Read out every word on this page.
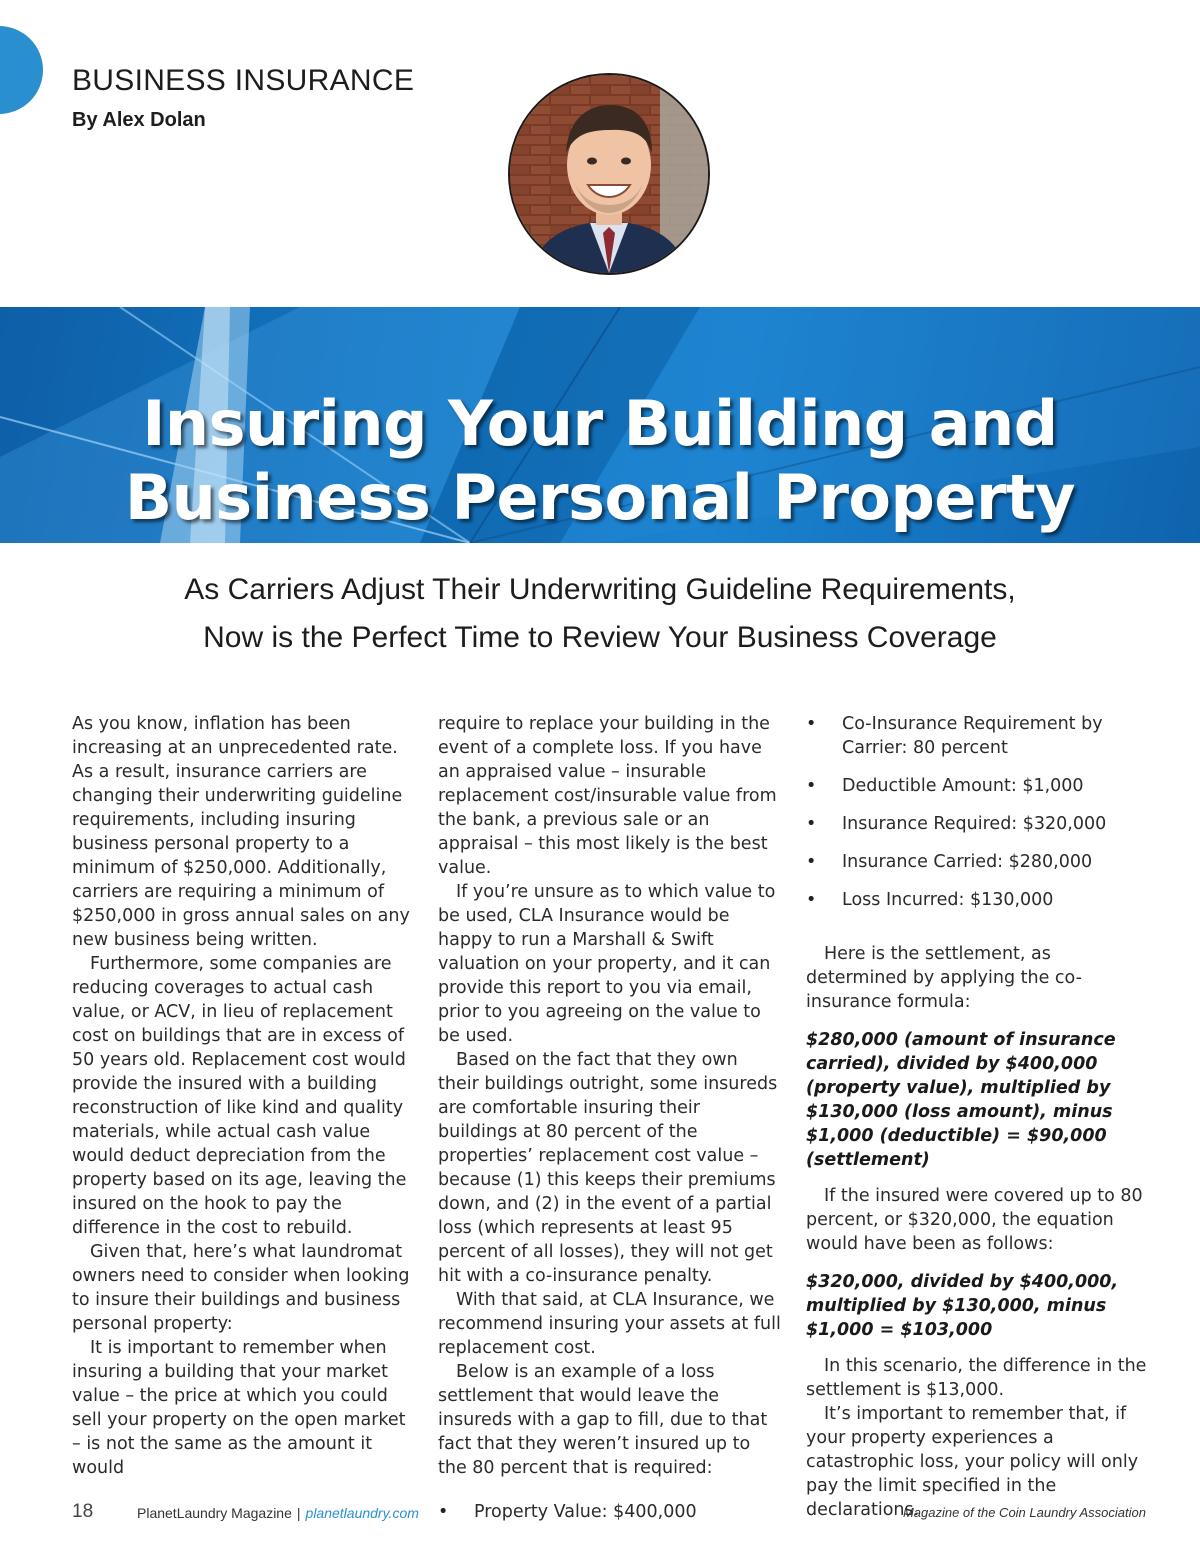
BUSINESS INSURANCE
By Alex Dolan
Insuring Your Building and
Business Personal Property
As Carriers Adjust Their Underwriting Guideline Requirements,
Now is the Perfect Time to Review Your Business Coverage

As you know, inflation has been increasing at an unprecedented rate. As a result, insurance carriers are changing their underwriting guideline requirements, including insuring business personal property to a minimum of $250,000. Additionally, carriers are requiring a minimum of $250,000 in gross annual sales on any new business being written.

Furthermore, some companies are reducing coverages to actual cash value, or ACV, in lieu of replacement cost on buildings that are in excess of 50 years old. Replacement cost would provide the insured with a building reconstruction of like kind and quality materials, while actual cash value would deduct depreciation from the property based on its age, leaving the insured on the hook to pay the difference in the cost to rebuild.

Given that, here’s what laundromat owners need to consider when looking to insure their buildings and business personal property:

It is important to remember when insuring a building that your market value – the price at which you could sell your property on the open market – is not the same as the amount it would

require to replace your building in the event of a complete loss. If you have an appraised value – insurable replacement cost/insurable value from the bank, a previous sale or an appraisal – this most likely is the best value.

If you’re unsure as to which value to be used, CLA Insurance would be happy to run a Marshall & Swift valuation on your property, and it can provide this report to you via email, prior to you agreeing on the value to be used.

Based on the fact that they own their buildings outright, some insureds are comfortable insuring their buildings at 80 percent of the properties’ replacement cost value – because (1) this keeps their premiums down, and (2) in the event of a partial loss (which represents at least 95 percent of all losses), they will not get hit with a co-insurance penalty.

With that said, at CLA Insurance, we recommend insuring your assets at full replacement cost.

Below is an example of a loss settlement that would leave the insureds with a gap to fill, due to that fact that they weren’t insured up to the 80 percent that is required:

• Property Value: $400,000
• Co-Insurance Requirement by Carrier: 80 percent
• Deductible Amount: $1,000
• Insurance Required: $320,000
• Insurance Carried: $280,000
• Loss Incurred: $130,000

Here is the settlement, as determined by applying the co-insurance formula:

$280,000 (amount of insurance carried), divided by $400,000 (property value), multiplied by $130,000 (loss amount), minus $1,000 (deductible) = $90,000 (settlement)

If the insured were covered up to 80 percent, or $320,000, the equation would have been as follows:

$320,000, divided by $400,000, multiplied by $130,000, minus $1,000 = $103,000

In this scenario, the difference in the settlement is $13,000.

It’s important to remember that, if your property experiences a catastrophic loss, your policy will only pay the limit specified in the declarations.

18	PlanetLaundry Magazine | planetlaundry.com	Magazine of the Coin Laundry Association
